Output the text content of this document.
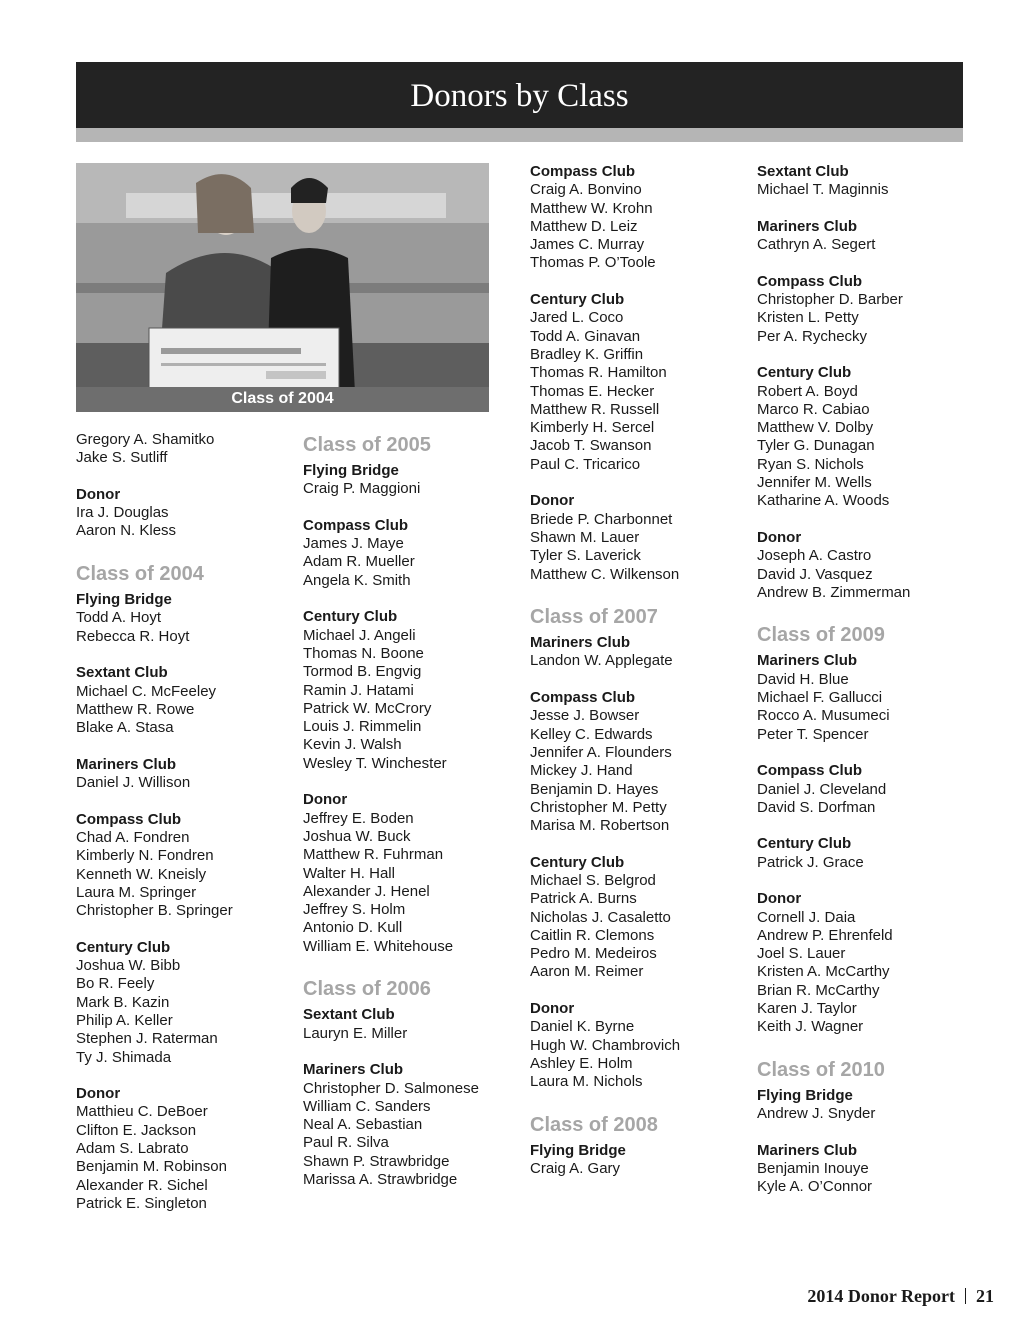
Donors by Class
Class of 2004
Gregory A. Shamitko
Jake S. Sutliff
Donor
Ira J. Douglas
Aaron N. Kless
Class of 2004
Flying Bridge
Todd A. Hoyt
Rebecca R. Hoyt
Sextant Club
Michael C. McFeeley
Matthew R. Rowe
Blake A. Stasa
Mariners Club
Daniel J. Willison
Compass Club
Chad A. Fondren
Kimberly N. Fondren
Kenneth W. Kneisly
Laura M. Springer
Christopher B. Springer
Century Club
Joshua W. Bibb
Bo R. Feely
Mark B. Kazin
Philip A. Keller
Stephen J. Raterman
Ty J. Shimada
Donor
Matthieu C. DeBoer
Clifton E. Jackson
Adam S. Labrato
Benjamin M. Robinson
Alexander R. Sichel
Patrick E. Singleton
Class of 2005
Flying Bridge
Craig P. Maggioni
Compass Club
James J. Maye
Adam R. Mueller
Angela K. Smith
Century Club
Michael J. Angeli
Thomas N. Boone
Tormod B. Engvig
Ramin J. Hatami
Patrick W. McCrory
Louis J. Rimmelin
Kevin J. Walsh
Wesley T. Winchester
Donor
Jeffrey E. Boden
Joshua W. Buck
Matthew R. Fuhrman
Walter H. Hall
Alexander J. Henel
Jeffrey S. Holm
Antonio D. Kull
William E. Whitehouse
Class of 2006
Sextant Club
Lauryn E. Miller
Mariners Club
Christopher D. Salmonese
William C. Sanders
Neal A. Sebastian
Paul R. Silva
Shawn P. Strawbridge
Marissa A. Strawbridge
Compass Club
Craig A. Bonvino
Matthew W. Krohn
Matthew D. Leiz
James C. Murray
Thomas P. O’Toole
Century Club
Jared L. Coco
Todd A. Ginavan
Bradley K. Griffin
Thomas R. Hamilton
Thomas E. Hecker
Matthew R. Russell
Kimberly H. Sercel
Jacob T. Swanson
Paul C. Tricarico
Donor
Briede P. Charbonnet
Shawn M. Lauer
Tyler S. Laverick
Matthew C. Wilkenson
Class of 2007
Mariners Club
Landon W. Applegate
Compass Club
Jesse J. Bowser
Kelley C. Edwards
Jennifer A. Flounders
Mickey J. Hand
Benjamin D. Hayes
Christopher M. Petty
Marisa M. Robertson
Century Club
Michael S. Belgrod
Patrick A. Burns
Nicholas J. Casaletto
Caitlin R. Clemons
Pedro M. Medeiros
Aaron M. Reimer
Donor
Daniel K. Byrne
Hugh W. Chambrovich
Ashley E. Holm
Laura M. Nichols
Class of 2008
Flying Bridge
Craig A. Gary
Sextant Club
Michael T. Maginnis
Mariners Club
Cathryn A. Segert
Compass Club
Christopher D. Barber
Kristen L. Petty
Per A. Rychecky
Century Club
Robert A. Boyd
Marco R. Cabiao
Matthew V. Dolby
Tyler G. Dunagan
Ryan S. Nichols
Jennifer M. Wells
Katharine A. Woods
Donor
Joseph A. Castro
David J. Vasquez
Andrew B. Zimmerman
Class of 2009
Mariners Club
David H. Blue
Michael F. Gallucci
Rocco A. Musumeci
Peter T. Spencer
Compass Club
Daniel J. Cleveland
David S. Dorfman
Century Club
Patrick J. Grace
Donor
Cornell J. Daia
Andrew P. Ehrenfeld
Joel S. Lauer
Kristen A. McCarthy
Brian R. McCarthy
Karen J. Taylor
Keith J. Wagner
Class of 2010
Flying Bridge
Andrew J. Snyder
Mariners Club
Benjamin Inouye
Kyle A. O’Connor
2014 Donor Report 21
